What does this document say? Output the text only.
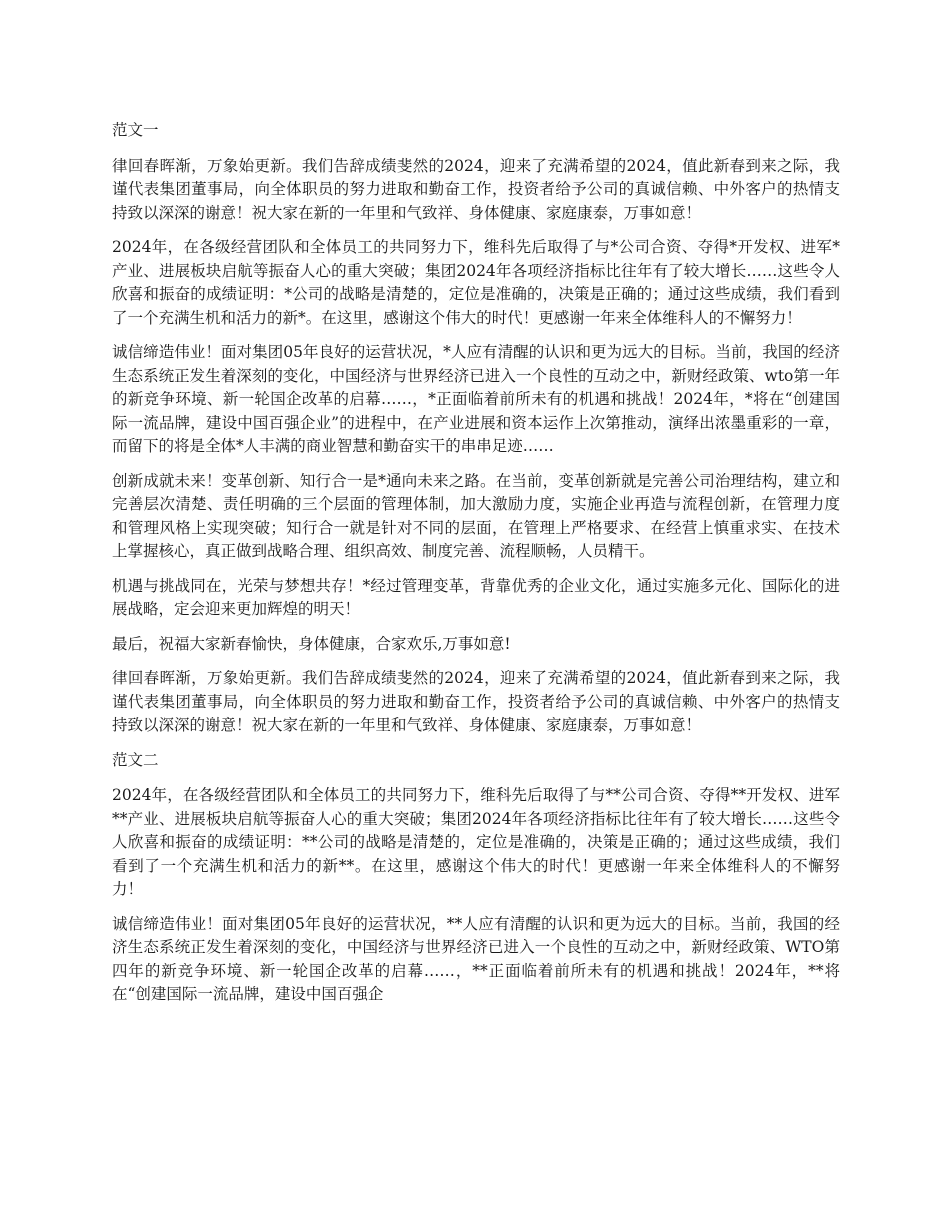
范文一

律回春晖渐，万象始更新。我们告辞成绩斐然的2024，迎来了充满希望的2024，值此新春到来之际，我谨代表集团董事局，向全体职员的努力进取和勤奋工作，投资者给予公司的真诚信赖、中外客户的热情支持致以深深的谢意！祝大家在新的一年里和气致祥、身体健康、家庭康泰，万事如意！

2024年，在各级经营团队和全体员工的共同努力下，维科先后取得了与*公司合资、夺得*开发权、进军*产业、进展板块启航等振奋人心的重大突破；集团2024年各项经济指标比往年有了较大增长……这些令人欣喜和振奋的成绩证明：*公司的战略是清楚的，定位是准确的，决策是正确的；通过这些成绩，我们看到了一个充满生机和活力的新*。在这里，感谢这个伟大的时代！更感谢一年来全体维科人的不懈努力！

诚信缔造伟业！面对集团05年良好的运营状况，*人应有清醒的认识和更为远大的目标。当前，我国的经济生态系统正发生着深刻的变化，中国经济与世界经济已进入一个良性的互动之中，新财经政策、wto第一年的新竞争环境、新一轮国企改革的启幕……，*正面临着前所未有的机遇和挑战！2024年，*将在“创建国际一流品牌，建设中国百强企业”的进程中，在产业进展和资本运作上次第推动，演绎出浓墨重彩的一章，而留下的将是全体*人丰满的商业智慧和勤奋实干的串串足迹……

创新成就未来！变革创新、知行合一是*通向未来之路。在当前，变革创新就是完善公司治理结构，建立和完善层次清楚、责任明确的三个层面的管理体制，加大激励力度，实施企业再造与流程创新，在管理力度和管理风格上实现突破；知行合一就是针对不同的层面，在管理上严格要求、在经营上慎重求实、在技术上掌握核心，真正做到战略合理、组织高效、制度完善、流程顺畅，人员精干。

机遇与挑战同在，光荣与梦想共存！*经过管理变革，背靠优秀的企业文化，通过实施多元化、国际化的进展战略，定会迎来更加辉煌的明天！

最后，祝福大家新春愉快，身体健康，合家欢乐,万事如意!

律回春晖渐，万象始更新。我们告辞成绩斐然的2024，迎来了充满希望的2024，值此新春到来之际，我谨代表集团董事局，向全体职员的努力进取和勤奋工作，投资者给予公司的真诚信赖、中外客户的热情支持致以深深的谢意！祝大家在新的一年里和气致祥、身体健康、家庭康泰，万事如意！

范文二

2024年，在各级经营团队和全体员工的共同努力下，维科先后取得了与**公司合资、夺得**开发权、进军**产业、进展板块启航等振奋人心的重大突破；集团2024年各项经济指标比往年有了较大增长……这些令人欣喜和振奋的成绩证明：**公司的战略是清楚的，定位是准确的，决策是正确的；通过这些成绩，我们看到了一个充满生机和活力的新**。在这里，感谢这个伟大的时代！更感谢一年来全体维科人的不懈努力！

诚信缔造伟业！面对集团05年良好的运营状况，**人应有清醒的认识和更为远大的目标。当前，我国的经济生态系统正发生着深刻的变化，中国经济与世界经济已进入一个良性的互动之中，新财经政策、WTO第四年的新竞争环境、新一轮国企改革的启幕……，**正面临着前所未有的机遇和挑战！2024年，**将在“创建国际一流品牌，建设中国百强企
